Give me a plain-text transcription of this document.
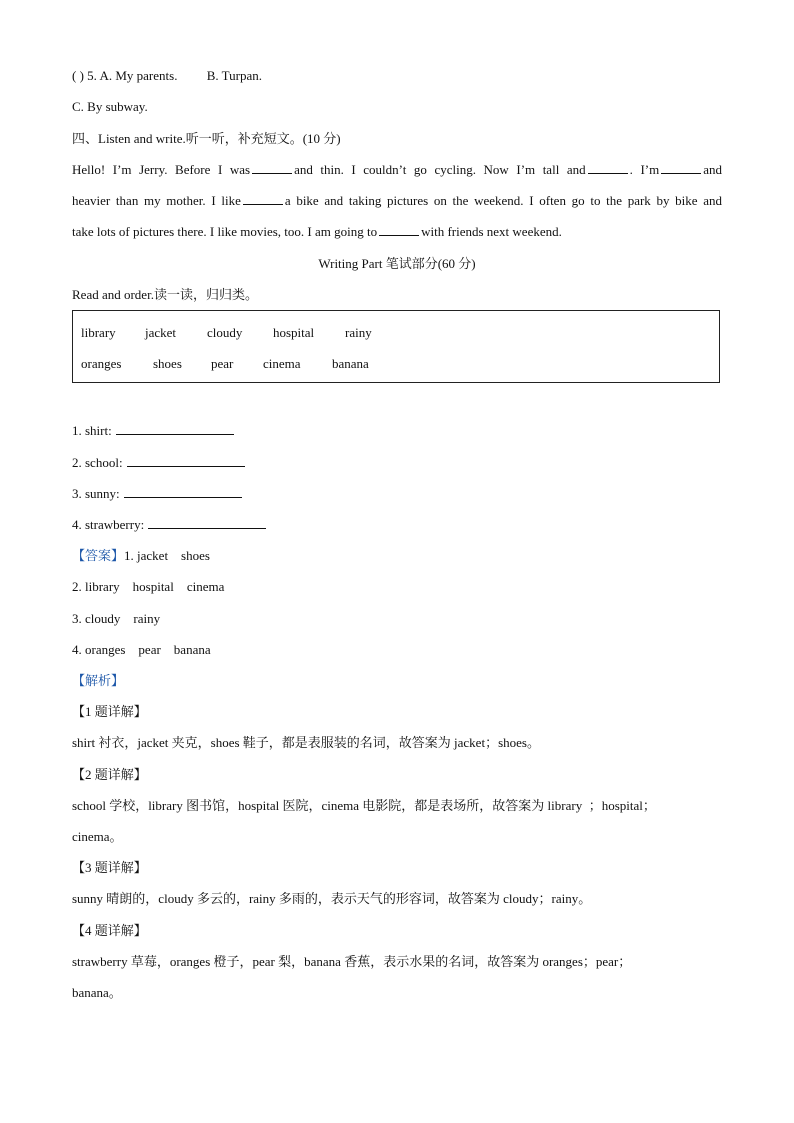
( ) 5. A. My parents. B. Turpan.
C. By subway.
四、Listen and write.听一听，补充短文。(10 分)
Hello! I’m Jerry. Before I was	and thin. I couldn’t go cycling. Now I’m tall and	. I’m	and
heavier than my mother. I like	a bike and taking pictures on the weekend. I often go to the park by bike and
take lots of pictures there. I like movies, too. I am going to	with friends next weekend.
Writing Part 笔试部分(60 分)
Read and order.读一读，归归类。
library jacket cloudy hospital rainy
oranges shoes pear cinema banana
1. shirt:
2. school:
3. sunny:
4. strawberry:
【答案】1. jacket    shoes
2. library    hospital    cinema
3. cloudy    rainy
4. oranges    pear    banana
【解析】
【1 题详解】
shirt 衬衣，jacket 夹克，shoes 鞋子，都是表服装的名词，故答案为 jacket；shoes。
【2 题详解】
school 学校，library 图书馆，hospital 医院，cinema 电影院，都是表场所，故答案为 library  ；hospital；
cinema。
【3 题详解】
sunny 晴朗的，cloudy 多云的，rainy 多雨的，表示天气的形容词，故答案为 cloudy；rainy。
【4 题详解】
strawberry 草莓，oranges 橙子，pear 梨，banana 香蕉，表示水果的名词，故答案为 oranges；pear；
banana。
